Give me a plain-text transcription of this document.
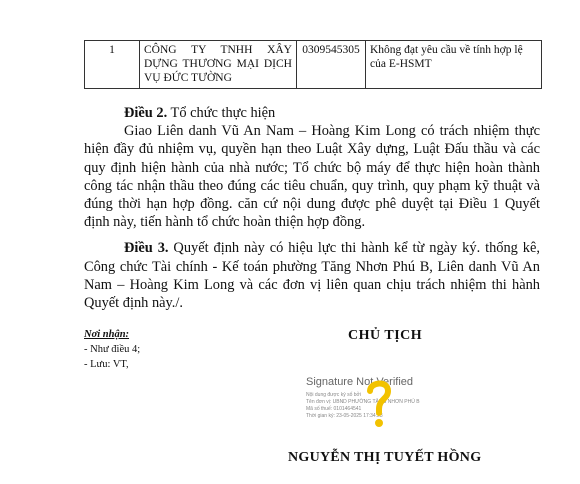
1	CÔNG TY TNHH XÂY DỰNG THƯƠNG MẠI DỊCH VỤ ĐỨC TƯỜNG	0309545305	Không đạt yêu cầu về tính hợp lệ của E-HSMT

Điều 2. Tổ chức thực hiện

Giao Liên danh Vũ An Nam – Hoàng Kim Long có trách nhiệm thực hiện đầy đủ nhiệm vụ, quyền hạn theo Luật Xây dựng, Luật Đấu thầu và các quy định hiện hành của nhà nước; Tổ chức bộ máy để thực hiện hoàn thành công tác nhận thầu theo đúng các tiêu chuẩn, quy trình, quy phạm kỹ thuật và đúng thời hạn hợp đồng. căn cứ nội dung được phê duyệt tại Điều 1 Quyết định này, tiến hành tổ chức hoàn thiện hợp đồng.

Điều 3. Quyết định này có hiệu lực thi hành kể từ ngày ký. thống kê, Công chức Tài chính - Kế toán phường Tăng Nhơn Phú B, Liên danh Vũ An Nam – Hoàng Kim Long và các đơn vị liên quan chịu trách nhiệm thi hành Quyết định này./.

Nơi nhận:
- Như điều 4;
- Lưu: VT,
CHỦ TỊCH
Signature Not Verified
Nội dung được ký số bởi
Tên đơn vị: UBND PHƯỜNG TĂNG NHƠN PHÚ B
Mã số thuế: 0101464541
Thời gian ký: 23-05-2025 17:34:23
NGUYỄN THỊ TUYẾT HỒNG
